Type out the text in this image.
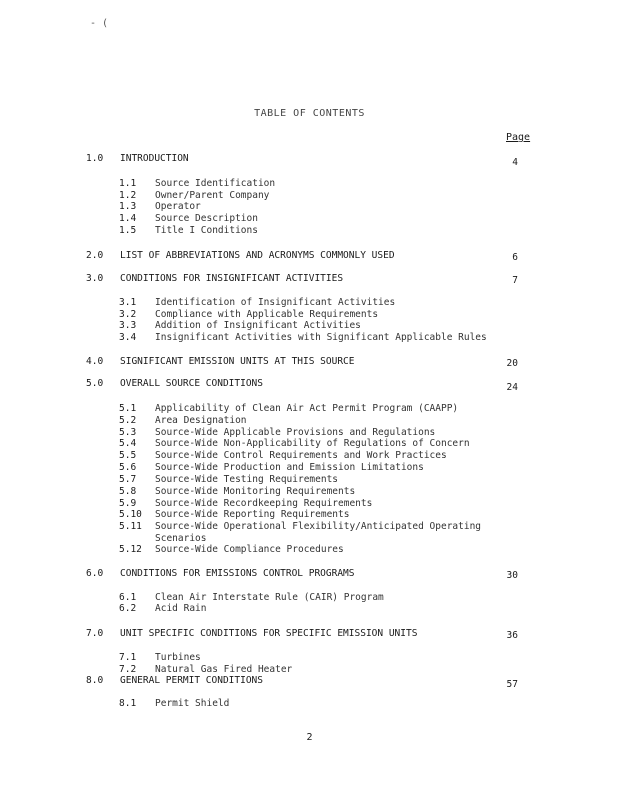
- (
TABLE OF CONTENTS
Page
1.0	INTRODUCTION	4
1.1	Source Identification
1.2	Owner/Parent Company
1.3	Operator
1.4	Source Description
1.5	Title I Conditions
2.0	LIST OF ABBREVIATIONS AND ACRONYMS COMMONLY USED	6
3.0	CONDITIONS FOR INSIGNIFICANT ACTIVITIES	7
3.1	Identification of Insignificant Activities
3.2	Compliance with Applicable Requirements
3.3	Addition of Insignificant Activities
3.4	Insignificant Activities with Significant Applicable Rules
4.0	SIGNIFICANT EMISSION UNITS AT THIS SOURCE	20
5.0	OVERALL SOURCE CONDITIONS	24
5.1	Applicability of Clean Air Act Permit Program (CAAPP)
5.2	Area Designation
5.3	Source-Wide Applicable Provisions and Regulations
5.4	Source-Wide Non-Applicability of Regulations of Concern
5.5	Source-Wide Control Requirements and Work Practices
5.6	Source-Wide Production and Emission Limitations
5.7	Source-Wide Testing Requirements
5.8	Source-Wide Monitoring Requirements
5.9	Source-Wide Recordkeeping Requirements
5.10	Source-Wide Reporting Requirements
5.11	Source-Wide Operational Flexibility/Anticipated Operating Scenarios
5.12	Source-Wide Compliance Procedures
6.0	CONDITIONS FOR EMISSIONS CONTROL PROGRAMS	30
6.1	Clean Air Interstate Rule (CAIR) Program
6.2	Acid Rain
7.0	UNIT SPECIFIC CONDITIONS FOR SPECIFIC EMISSION UNITS	36
7.1	Turbines
7.2	Natural Gas Fired Heater
8.0	GENERAL PERMIT CONDITIONS	57
8.1	Permit Shield
2
